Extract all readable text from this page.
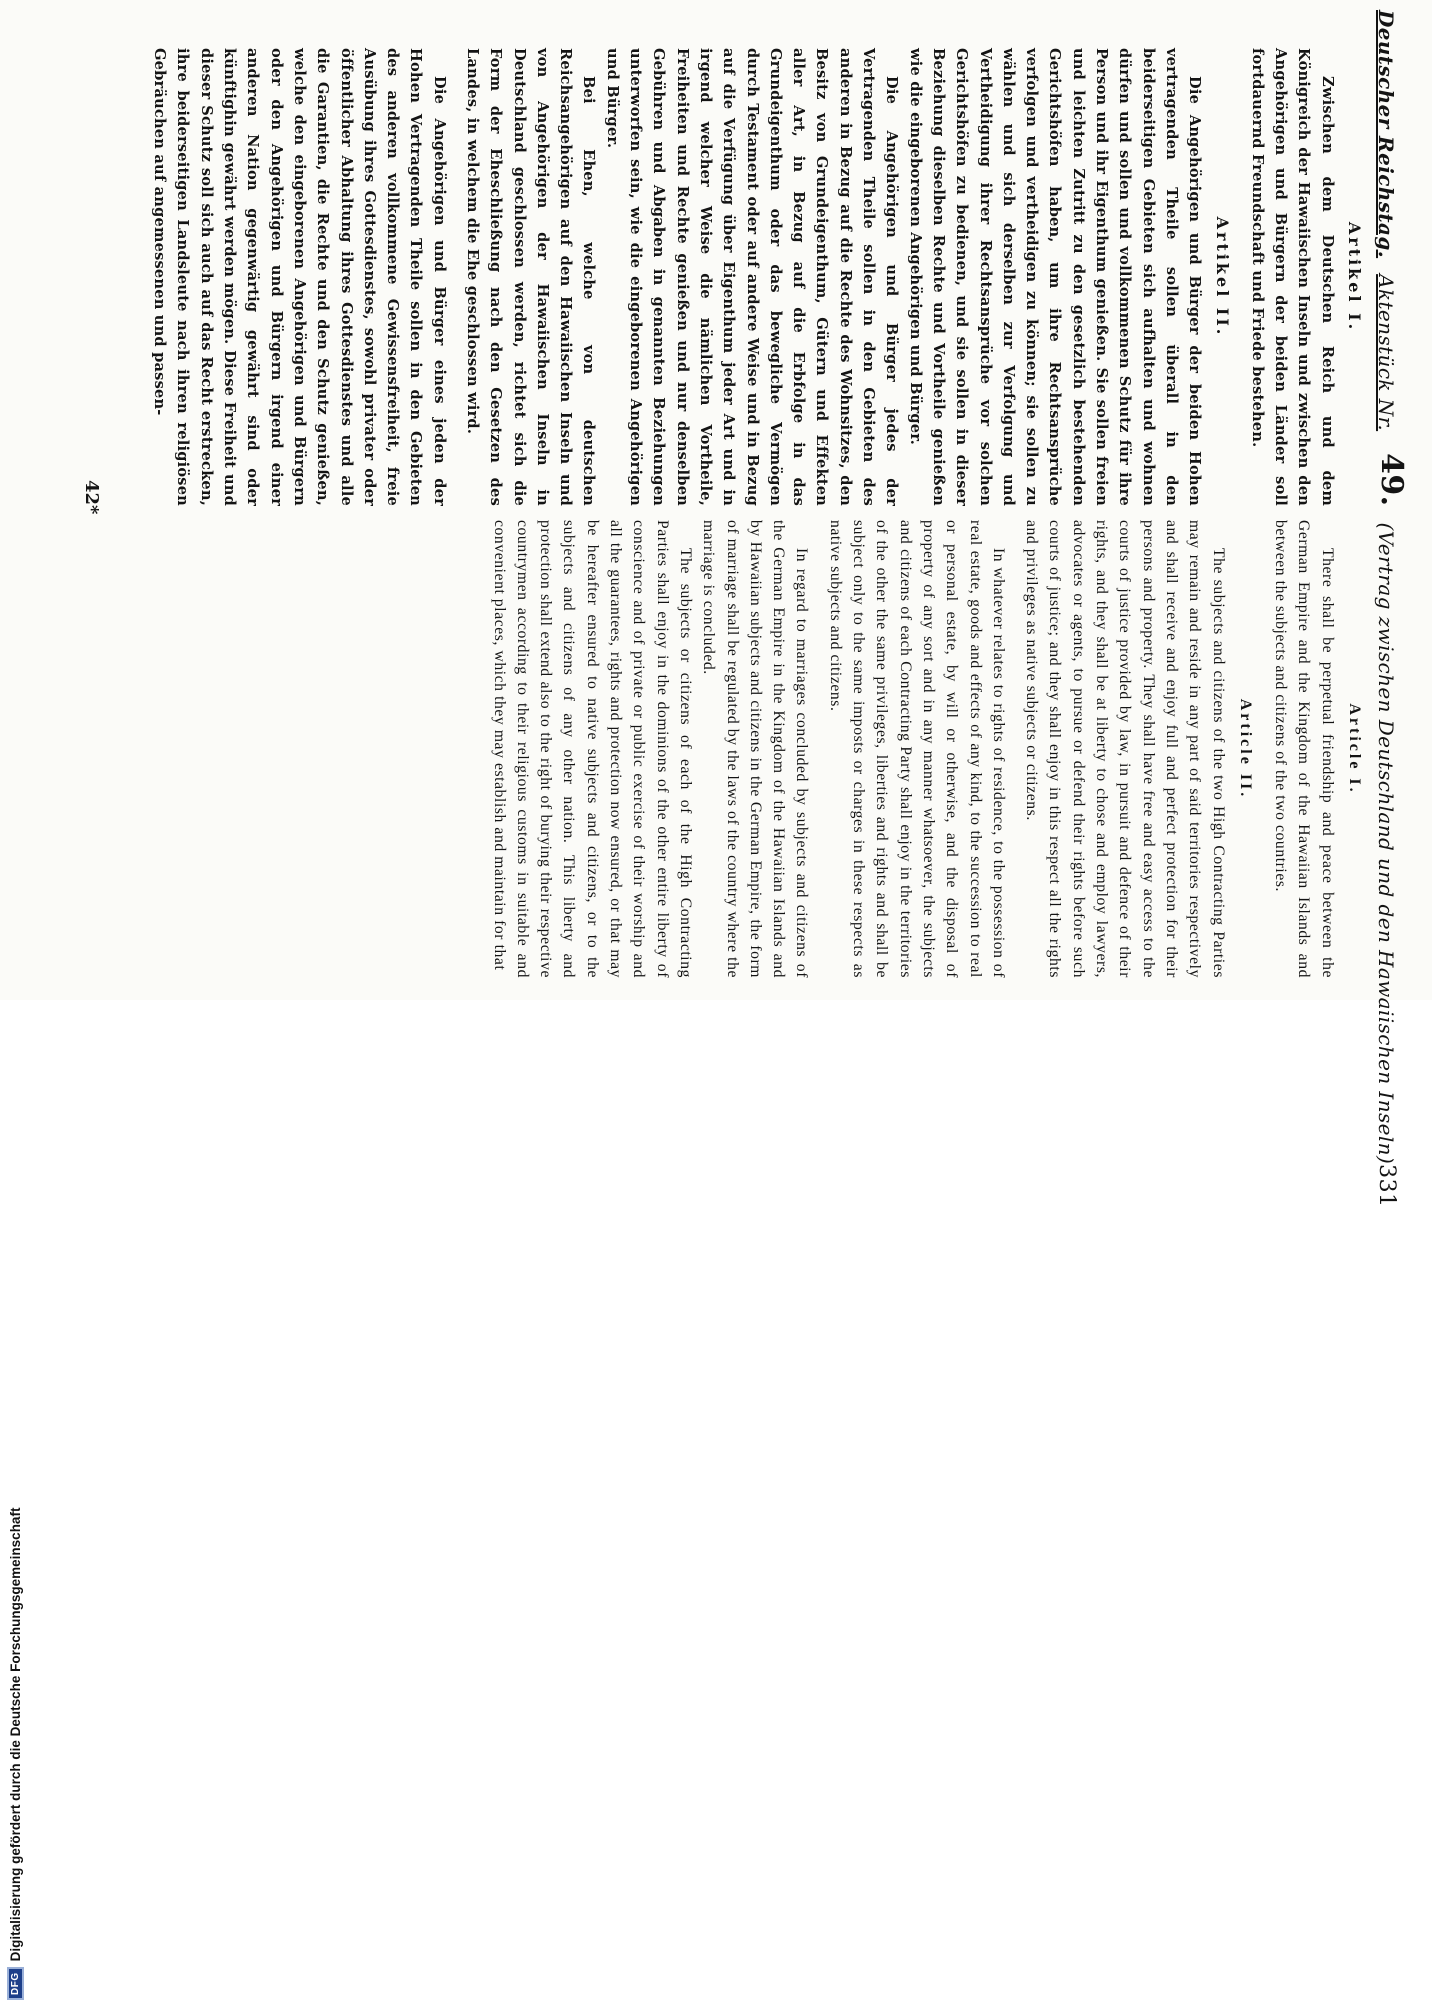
Deutscher Reichstag.
Aktenstück Nr.
49.
(Vertrag zwischen Deutschland und den Hawaiischen Inseln)
331
Artikel I.

Zwischen dem Deutschen Reich und dem Königreich der Hawaiischen Inseln und zwischen den Angehörigen und Bürgern der beiden Länder soll fortdauernd Freundschaft und Friede bestehen.

Artikel II.

Die Angehörigen und Bürger der beiden Hohen vertragenden Theile sollen überall in den beiderseitigen Gebieten sich aufhalten und wohnen dürfen und sollen und vollkommenen Schutz für ihre Person und ihr Eigenthum genießen. Sie sollen freien und leichten Zutritt zu den gesetzlich bestehenden Gerichtshöfen haben, um ihre Rechtsansprüche verfolgen und vertheidigen zu können; sie sollen zu wählen und sich derselben zur Verfolgung und Vertheidigung ihrer Rechtsansprüche vor solchen Gerichtshöfen zu bedienen, und sie sollen in dieser Beziehung dieselben Rechte und Vortheile genießen wie die eingeborenen Angehörigen und Bürger.

Die Angehörigen und Bürger jedes der Vertragenden Theile sollen in den Gebieten des anderen in Bezug auf die Rechte des Wohnsitzes, den Besitz von Grundeigenthum, Gütern und Effekten aller Art, in Bezug auf die Erbfolge in das Grundeigenthum oder das bewegliche Vermögen durch Testament oder auf andere Weise und in Bezug auf die Verfügung über Eigenthum jeder Art und in irgend welcher Weise die nämlichen Vortheile, Freiheiten und Rechte genießen und nur denselben Gebühren und Abgaben in genannten Beziehungen unterworfen sein, wie die eingeborenen Angehörigen und Bürger.

Bei Ehen, welche von deutschen Reichsangehörigen auf den Hawaiischen Inseln und von Angehörigen der Hawaiischen Inseln in Deutschland geschlossen werden, richtet sich die Form der Eheschließung nach den Gesetzen des Landes, in welchem die Ehe geschlossen wird.

Die Angehörigen und Bürger eines jeden der Hohen Vertragenden Theile sollen in den Gebieten des anderen vollkommene Gewissensfreiheit, freie Ausübung ihres Gottesdienstes, sowohl privater oder öffentlicher Abhaltung ihres Gottesdienstes und alle die Garantien, die Rechte und den Schutz genießen, welche den eingeborenen Angehörigen und Bürgern oder den Angehörigen und Bürgern irgend einer anderen Nation gegenwärtig gewährt sind oder künftighin gewährt werden mögen. Diese Freiheit und dieser Schutz soll sich auch auf das Recht erstrecken, ihre beiderseitigen Landsleute nach ihren religiösen Gebräuchen auf angemessenen und passen-

Article I.

There shall be perpetual friendship and peace between the German Empire and the Kingdom of the Hawaiian Islands and between the subjects and citizens of the two countries.

Article II.

The subjects and citizens of the two High Contracting Parties may remain and reside in any part of said territories respectively and shall receive and enjoy full and perfect protection for their persons and property. They shall have free and easy access to the courts of justice provided by law, in pursuit and defence of their rights, and they shall be at liberty to chose and employ lawyers, advocates or agents, to pursue or defend their rights before such courts of justice; and they shall enjoy in this respect all the rights and privileges as native subjects or citizens.

In whatever relates to rights of residence, to the possession of real estate, goods and effects of any kind, to the succession to real or personal estate, by will or otherwise, and the disposal of property of any sort and in any manner whatsoever, the subjects and citizens of each Contracting Party shall enjoy in the territories of the other the same privileges, liberties and rights and shall be subject only to the same imposts or charges in these respects as native subjects and citizens.

In regard to marriages concluded by subjects and citizens of the German Empire in the Kingdom of the Hawaiian Islands and by Hawaiian subjects and citizens in the German Empire, the form of marriage shall be regulated by the laws of the country where the marriage is concluded.

The subjects or citizens of each of the High Contracting Parties shall enjoy in the dominions of the other entire liberty of conscience and of private or public exercise of their worship and all the guarantees, rights and protection now ensured, or that may be hereafter ensured to native subjects and citizens, or to the subjects and citizens of any other nation. This liberty and protection shall extend also to the right of burying their respective countrymen according to their religious customs in suitable and convenient places, which they may establish and maintain for that

42*
DFG
Digitalisierung gefördert durch die Deutsche Forschungsgemeinschaft
